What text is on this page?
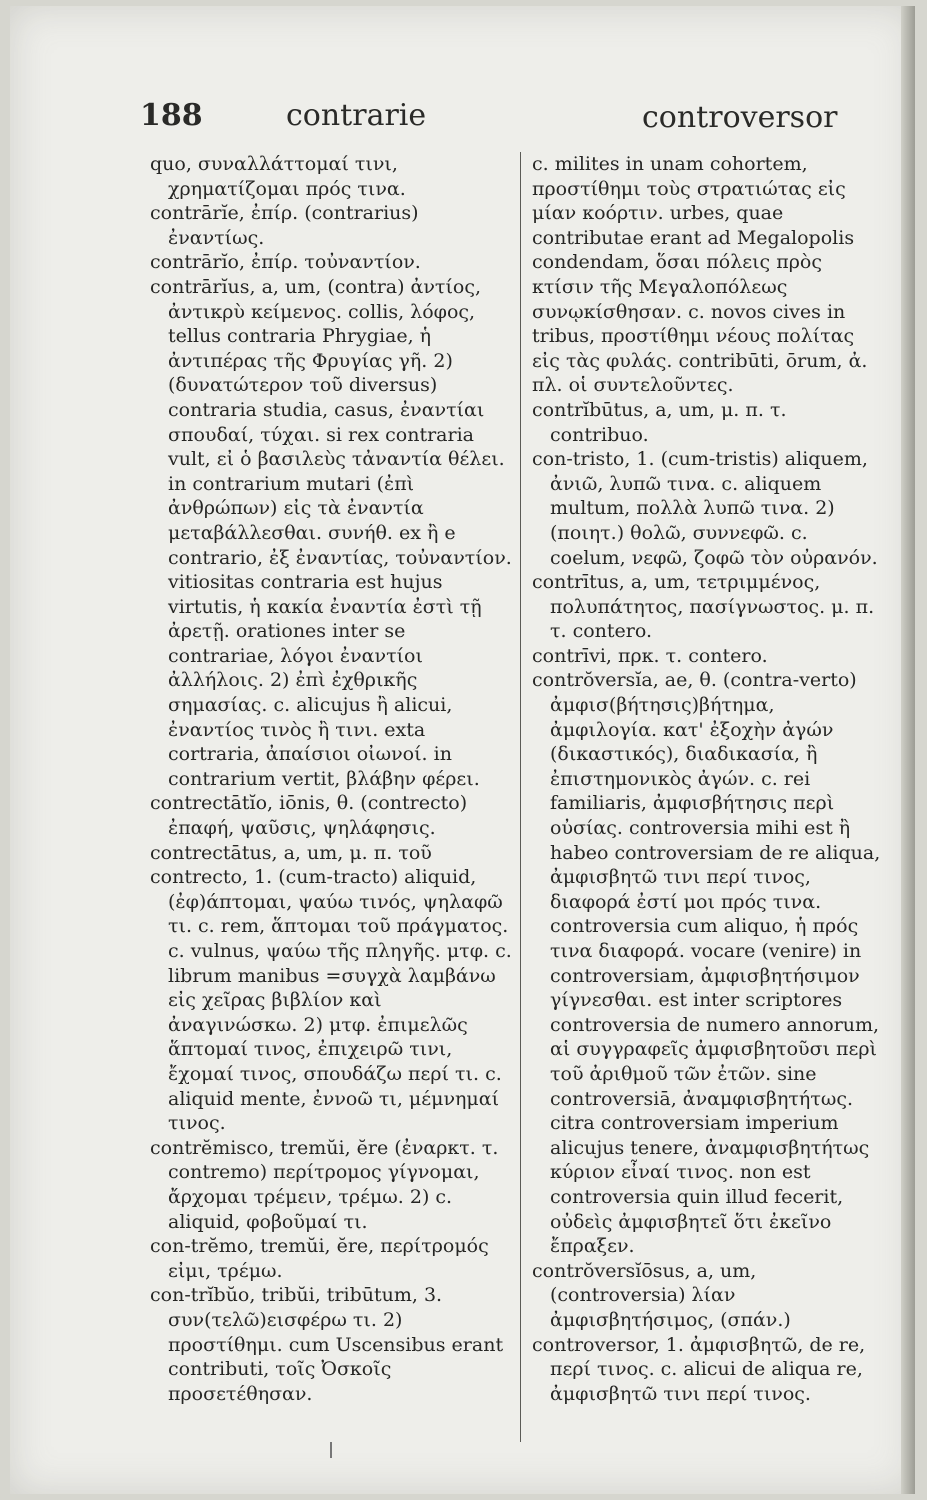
188	contrarie	controversor

quo, συναλλάττομαί τινι, χρηματίζομαι πρός τινα.

contrārĭe, ἐπίρ. (contrarius) ἐναντίως.

contrārĭo, ἐπίρ. τοὐναντίον.

contrārĭus, a, um, (contra) ἀντίος, ἀντικρὺ κείμενος. collis, λόφος, tellus contraria Phrygiae, ἡ ἀντιπέρας τῆς Φρυγίας γῆ. 2) (δυνατώτερον τοῦ diversus) contraria studia, casus, ἐναντίαι σπουδαί, τύχαι. si rex contraria vult, εἰ ὁ βασιλεὺς τἀναντία θέλει. in contrarium mutari (ἐπὶ ἀνθρώπων) εἰς τὰ ἐναντία μεταβάλλεσθαι. συνήθ. ex ἢ e contrario, ἐξ ἐναντίας, τοὐναντίον. vitiositas contraria est hujus virtutis, ἡ κακία ἐναντία ἐστὶ τῇ ἀρετῇ. orationes inter se contrariae, λόγοι ἐναντίοι ἀλλήλοις. 2) ἐπὶ ἐχθρικῆς σημασίας. c. alicujus ἢ alicui, ἐναντίος τινὸς ἢ τινι. exta cortraria, ἀπαίσιοι οἰωνοί. in contrarium vertit, βλάβην φέρει.

contrectātĭo, iōnis, θ. (contrecto) ἐπαφή, ψαῦσις, ψηλάφησις.

contrectātus, a, um, μ. π. τοῦ

contrecto, 1. (cum-tracto) aliquid, (ἐφ)άπτομαι, ψαύω τινός, ψηλαφῶ τι. c. rem, ἅπτομαι τοῦ πράγματος. c. vulnus, ψαύω τῆς πληγῆς. μτφ. c. librum manibus =συγχὰ λαμβάνω εἰς χεῖρας βιβλίον καὶ ἀναγινώσκω. 2) μτφ. ἐπιμελῶς ἅπτομαί τινος, ἐπιχειρῶ τινι, ἔχομαί τινος, σπουδάζω περί τι. c. aliquid mente, ἐννοῶ τι, μέμνημαί τινος.

contrĕmisco, tremŭi, ĕre (ἐναρκτ. τ. contremo) περίτρομος γίγνομαι, ἄρχομαι τρέμειν, τρέμω. 2) c. aliquid, φοβοῦμαί τι.

con-trĕmo, tremŭi, ĕre, περίτρομός εἰμι, τρέμω.

con-trĭbŭo, tribŭi, tribūtum, 3. συν(τελῶ)εισφέρω τι. 2) προστίθημι. cum Uscensibus erant contributi, τοῖς Ὀσκοῖς προσετέθησαν.

c. milites in unam cohortem, προστίθημι τοὺς στρατιώτας εἰς μίαν κοόρτιν. urbes, quae contributae erant ad Megalopolis condendam, ὅσαι πόλεις πρὸς κτίσιν τῆς Μεγαλοπόλεως συνῳκίσθησαν. c. novos cives in tribus, προστίθημι νέους πολίτας εἰς τὰς φυλάς. contribūti, ōrum, ἀ. πλ. οἱ συντελοῦντες.

contrĭbūtus, a, um, μ. π. τ. contribuo.

con-tristo, 1. (cum-tristis) aliquem, ἀνιῶ, λυπῶ τινα. c. aliquem multum, πολλὰ λυπῶ τινα. 2) (ποιητ.) θολῶ, συννεφῶ. c. coelum, νεφῶ, ζοφῶ τὸν οὐρανόν.

contrītus, a, um, τετριμμένος, πολυπάτητος, πασίγνωστος. μ. π. τ. contero.

contrīvi, πρκ. τ. contero.

contrŏversĭa, ae, θ. (contra-verto) ἀμφισ(βήτησις)βήτημα, ἀμφιλογία. κατ' ἐξοχὴν ἀγών (δικαστικός), διαδικασία, ἢ ἐπιστημονικὸς ἀγών. c. rei familiaris, ἀμφισβήτησις περὶ οὐσίας. controversia mihi est ἢ habeo controversiam de re aliqua, ἀμφισβητῶ τινι περί τινος, διαφορά ἐστί μοι πρός τινα. controversia cum aliquo, ἡ πρός τινα διαφορά. vocare (venire) in controversiam, ἀμφισβητήσιμον γίγνεσθαι. est inter scriptores controversia de numero annorum, αἱ συγγραφεῖς ἀμφισβητοῦσι περὶ τοῦ ἀριθμοῦ τῶν ἐτῶν. sine controversiā, ἀναμφισβητήτως. citra controversiam imperium alicujus tenere, ἀναμφισβητήτως κύριον εἶναί τινος. non est controversia quin illud fecerit, οὐδεὶς ἀμφισβητεῖ ὅτι ἐκεῖνο ἔπραξεν.

contrŏversĭōsus, a, um, (controversia) λίαν ἀμφισβητήσιμος, (σπάν.)

controversor, 1. ἀμφισβητῶ, de re, περί τινος. c. alicui de aliqua re, ἀμφισβητῶ τινι περί τινος.
